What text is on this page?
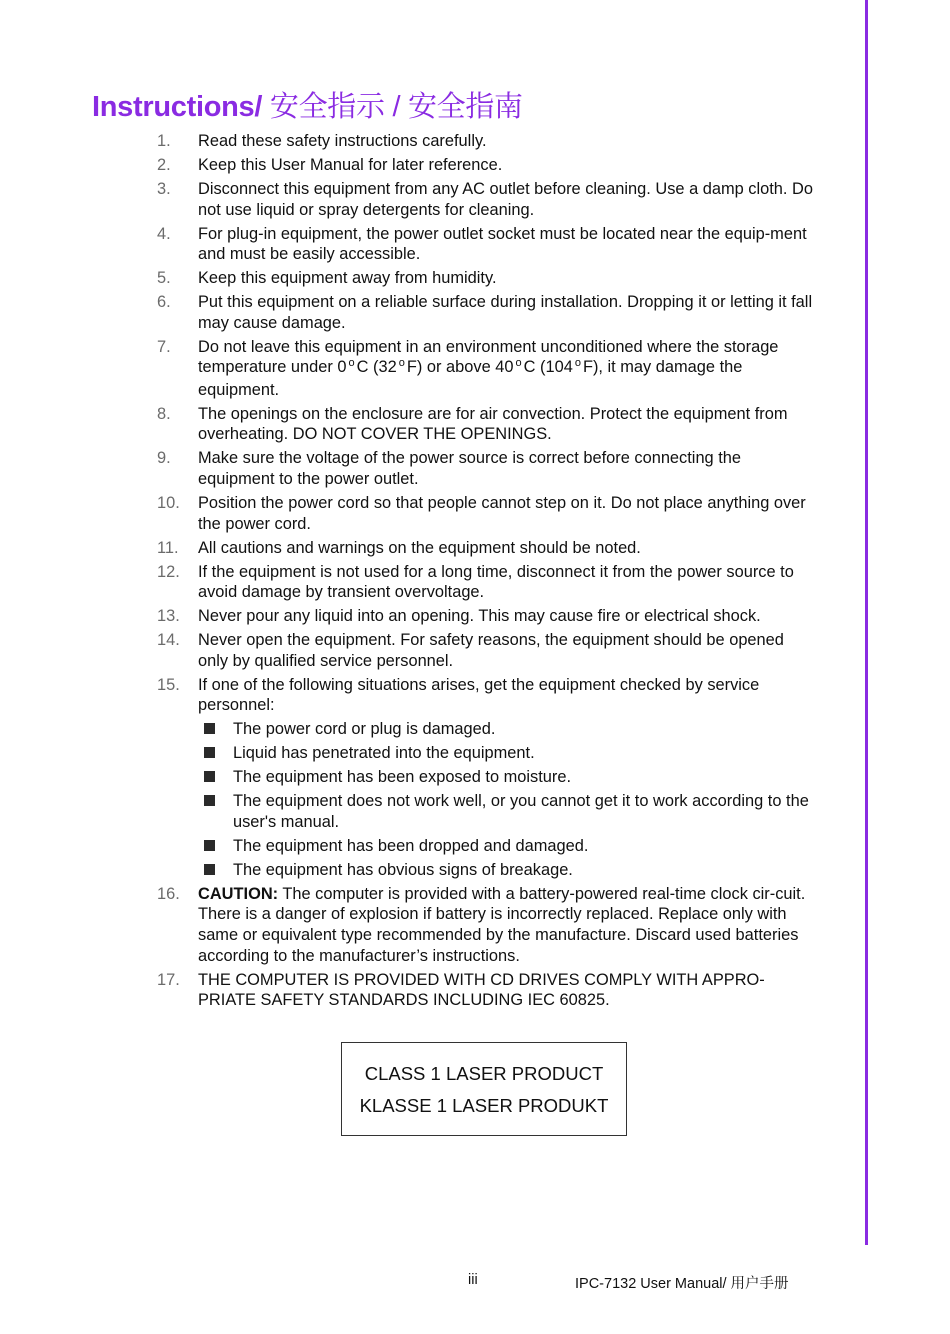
Instructions/ 安全指示 / 安全指南
1.	Read these safety instructions carefully.
2.	Keep this User Manual for later reference.
3.	Disconnect this equipment from any AC outlet before cleaning. Use a damp cloth. Do not use liquid or spray detergents for cleaning.
4.	For plug-in equipment, the power outlet socket must be located near the equip-ment and must be easily accessible.
5.	Keep this equipment away from humidity.
6.	Put this equipment on a reliable surface during installation. Dropping it or letting it fall may cause damage.
7.	Do not leave this equipment in an environment unconditioned where the storage temperature under 0 $^o$ C (32 $^o$ F) or above 40 $^o$ C (104 $^o$ F), it may damage the equipment.
8.	The openings on the enclosure are for air convection. Protect the equipment from overheating. DO NOT COVER THE OPENINGS.
9.	Make sure the voltage of the power source is correct before connecting the equipment to the power outlet.
10.	Position the power cord so that people cannot step on it. Do not place anything over the power cord.
11.	All cautions and warnings on the equipment should be noted.
12.	If the equipment is not used for a long time, disconnect it from the power source to avoid damage by transient overvoltage.
13.	Never pour any liquid into an opening. This may cause fire or electrical shock.
14.	Never open the equipment. For safety reasons, the equipment should be opened only by qualified service personnel.
15.	If one of the following situations arises, get the equipment checked by service personnel:
The power cord or plug is damaged.
Liquid has penetrated into the equipment.
The equipment has been exposed to moisture.
The equipment does not work well, or you cannot get it to work according to the user's manual.
The equipment has been dropped and damaged.
The equipment has obvious signs of breakage.
16.	CAUTION: The computer is provided with a battery-powered real-time clock cir-cuit. There is a danger of explosion if battery is incorrectly replaced. Replace only with same or equivalent type recommended by the manufacture. Discard used batteries according to the manufacturer’s instructions.
17.	THE COMPUTER IS PROVIDED WITH CD DRIVES COMPLY WITH APPRO-PRIATE SAFETY STANDARDS INCLUDING IEC 60825.
CLASS 1 LASER PRODUCT
KLASSE 1 LASER PRODUKT
iii	IPC-7132 User Manual/ 用户手册
